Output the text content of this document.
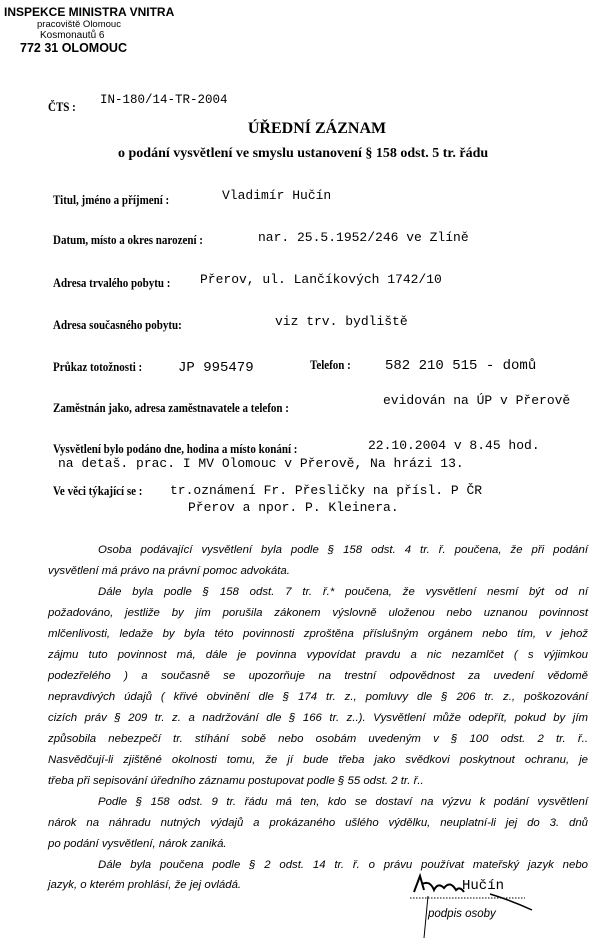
INSPEKCE MINISTRA VNITRA
pracoviště Olomouc
Kosmonautů 6
772 31 OLOMOUC
ČTS : IN-180/14-TR-2004
ÚŘEDNÍ ZÁZNAM
o podání vysvětlení ve smyslu ustanovení § 158 odst. 5 tr. řádu
Titul, jméno a příjmení :	Vladimír Hučín
Datum, místo a okres narození :	nar. 25.5.1952/246 ve Zlíně
Adresa trvalého pobytu : Přerov, ul. Lančíkových 1742/10
Adresa současného pobytu:	viz trv. bydliště
Průkaz totožnosti :	JP 995479	Telefon : 582 210 515 - domů
Zaměstnán jako, adresa zaměstnavatele a telefon :	evidován na ÚP v Přerově
Vysvětlení bylo podáno dne, hodina a místo konání :	22.10.2004 v 8.45 hod.
na detaš. prac. I MV Olomouc v Přerově, Na hrázi 13.
Ve věci týkající se : tr.oznámení Fr. Přesličky na přísl. P ČR
Přerov a npor. P. Kleinera.
Osoba podávající vysvětlení byla podle § 158 odst. 4 tr. ř. poučena, že při podání
vysvětlení má právo na právní pomoc advokáta.
Dále byla podle § 158 odst. 7 tr. ř.* poučena, že vysvětlení nesmí být od ní
požadováno, jestliže by jím porušila zákonem výslovně uloženou nebo uznanou povinnost
mlčenlivosti, ledaže by byla této povinnosti zproštěna příslušným orgánem nebo tím, v jehož
zájmu tuto povinnost má, dále je povinna vypovídat pravdu a nic nezamlčet ( s výjimkou
podezřelého ) a současně se upozorňuje na trestní odpovědnost za uvedení vědomě
nepravdivých údajů ( křivé obvinění dle § 174 tr. z., pomluvy dle § 206 tr. z., poškozování
cizích práv § 209 tr. z. a nadržování dle § 166 tr. z..). Vysvětlení může odepřít, pokud by jím
způsobila nebezpečí tr. stíhání sobě nebo osobám uvedeným v § 100 odst. 2 tr. ř..
Nasvědčují-li zjištěné okolnosti tomu, že jí bude třeba jako svědkovi poskytnout ochranu, je
třeba při sepisování úředního záznamu postupovat podle § 55 odst. 2 tr. ř..
Podle § 158 odst. 9 tr. řádu má ten, kdo se dostaví na výzvu k podání vysvětlení
nárok na náhradu nutných výdajů a prokázaného ušlého výdělku, neuplatní-li jej do 3. dnů
po podání vysvětlení, nárok zaniká.
Dále byla poučena podle § 2 odst. 14 tr. ř. o právu používat mateřský jazyk nebo
jazyk, o kterém prohlásí, že jej ovládá.	Hučín
podpis osoby
